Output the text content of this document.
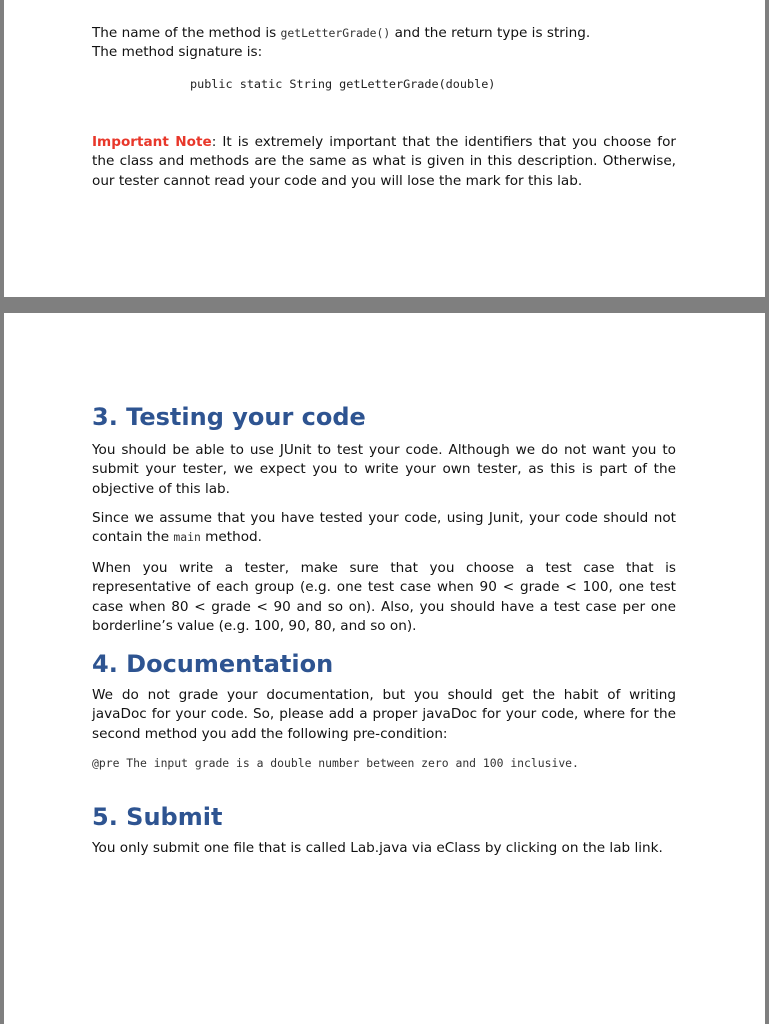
The name of the method is getLetterGrade() and the return type is string.
The method signature is:

public static String getLetterGrade(double)

Important Note: It is extremely important that the identifiers that you choose for the class and methods are the same as what is given in this description. Otherwise, our tester cannot read your code and you will lose the mark for this lab.

3. Testing your code

You should be able to use JUnit to test your code. Although we do not want you to submit your tester, we expect you to write your own tester, as this is part of the objective of this lab.

Since we assume that you have tested your code, using Junit, your code should not contain the main method.

When you write a tester, make sure that you choose a test case that is representative of each group (e.g. one test case when 90 < grade < 100, one test case when 80 < grade < 90 and so on). Also, you should have a test case per one borderline’s value (e.g. 100, 90, 80, and so on).

4. Documentation

We do not grade your documentation, but you should get the habit of writing javaDoc for your code. So, please add a proper javaDoc for your code, where for the second method you add the following pre-condition:

@pre The input grade is a double number between zero and 100 inclusive.

5. Submit

You only submit one file that is called Lab.java via eClass by clicking on the lab link.
